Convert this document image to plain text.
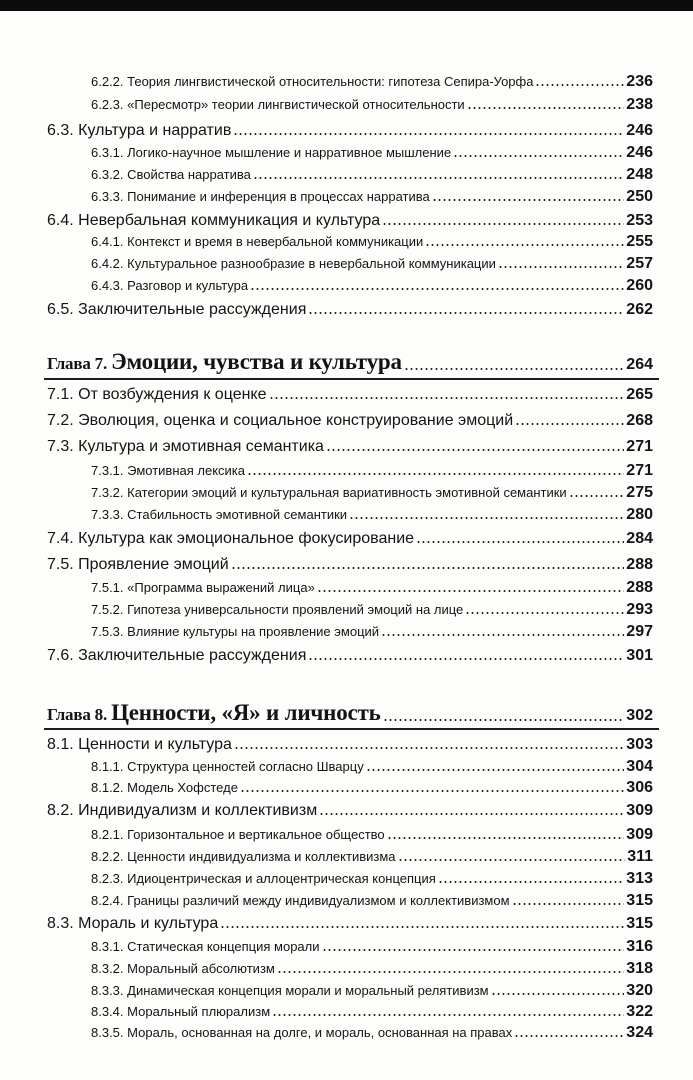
6.2.2. Теория лингвистической относительности: гипотеза Сепира-Уорфа	236
6.2.3. «Пересмотр» теории лингвистической относительности	238
6.3. Культура и нарратив	246
6.3.1. Логико-научное мышление и нарративное мышление	246
6.3.2. Свойства нарратива	248
6.3.3. Понимание и инференция в процессах нарратива	250
6.4. Невербальная коммуникация и культура	253
6.4.1. Контекст и время в невербальной коммуникации	255
6.4.2. Культуральное разнообразие в невербальной коммуникации	257
6.4.3. Разговор и культура	260
6.5. Заключительные рассуждения	262
Глава 7. Эмоции, чувства и культура	264
7.1. От возбуждения к оценке	265
7.2. Эволюция, оценка и социальное конструирование эмоций	268
7.3. Культура и эмотивная семантика	271
7.3.1. Эмотивная лексика	271
7.3.2. Категории эмоций и культуральная вариативность эмотивной семантики	275
7.3.3. Стабильность эмотивной семантики	280
7.4. Культура как эмоциональное фокусирование	284
7.5. Проявление эмоций	288
7.5.1. «Программа выражений лица»	288
7.5.2. Гипотеза универсальности проявлений эмоций на лице	293
7.5.3. Влияние культуры на проявление эмоций	297
7.6. Заключительные рассуждения	301
Глава 8. Ценности, «Я» и личность	302
8.1. Ценности и культура	303
8.1.1. Структура ценностей согласно Шварцу	304
8.1.2. Модель Хофстеде	306
8.2. Индивидуализм и коллективизм	309
8.2.1. Горизонтальное и вертикальное общество	309
8.2.2. Ценности индивидуализма и коллективизма	311
8.2.3. Идиоцентрическая и аллоцентрическая концепция	313
8.2.4. Границы различий между индивидуализмом и коллективизмом	315
8.3. Мораль и культура	315
8.3.1. Статическая концепция морали	316
8.3.2. Моральный абсолютизм	318
8.3.3. Динамическая концепция морали и моральный релятивизм	320
8.3.4. Моральный плюрализм	322
8.3.5. Мораль, основанная на долге, и мораль, основанная на правах	324
